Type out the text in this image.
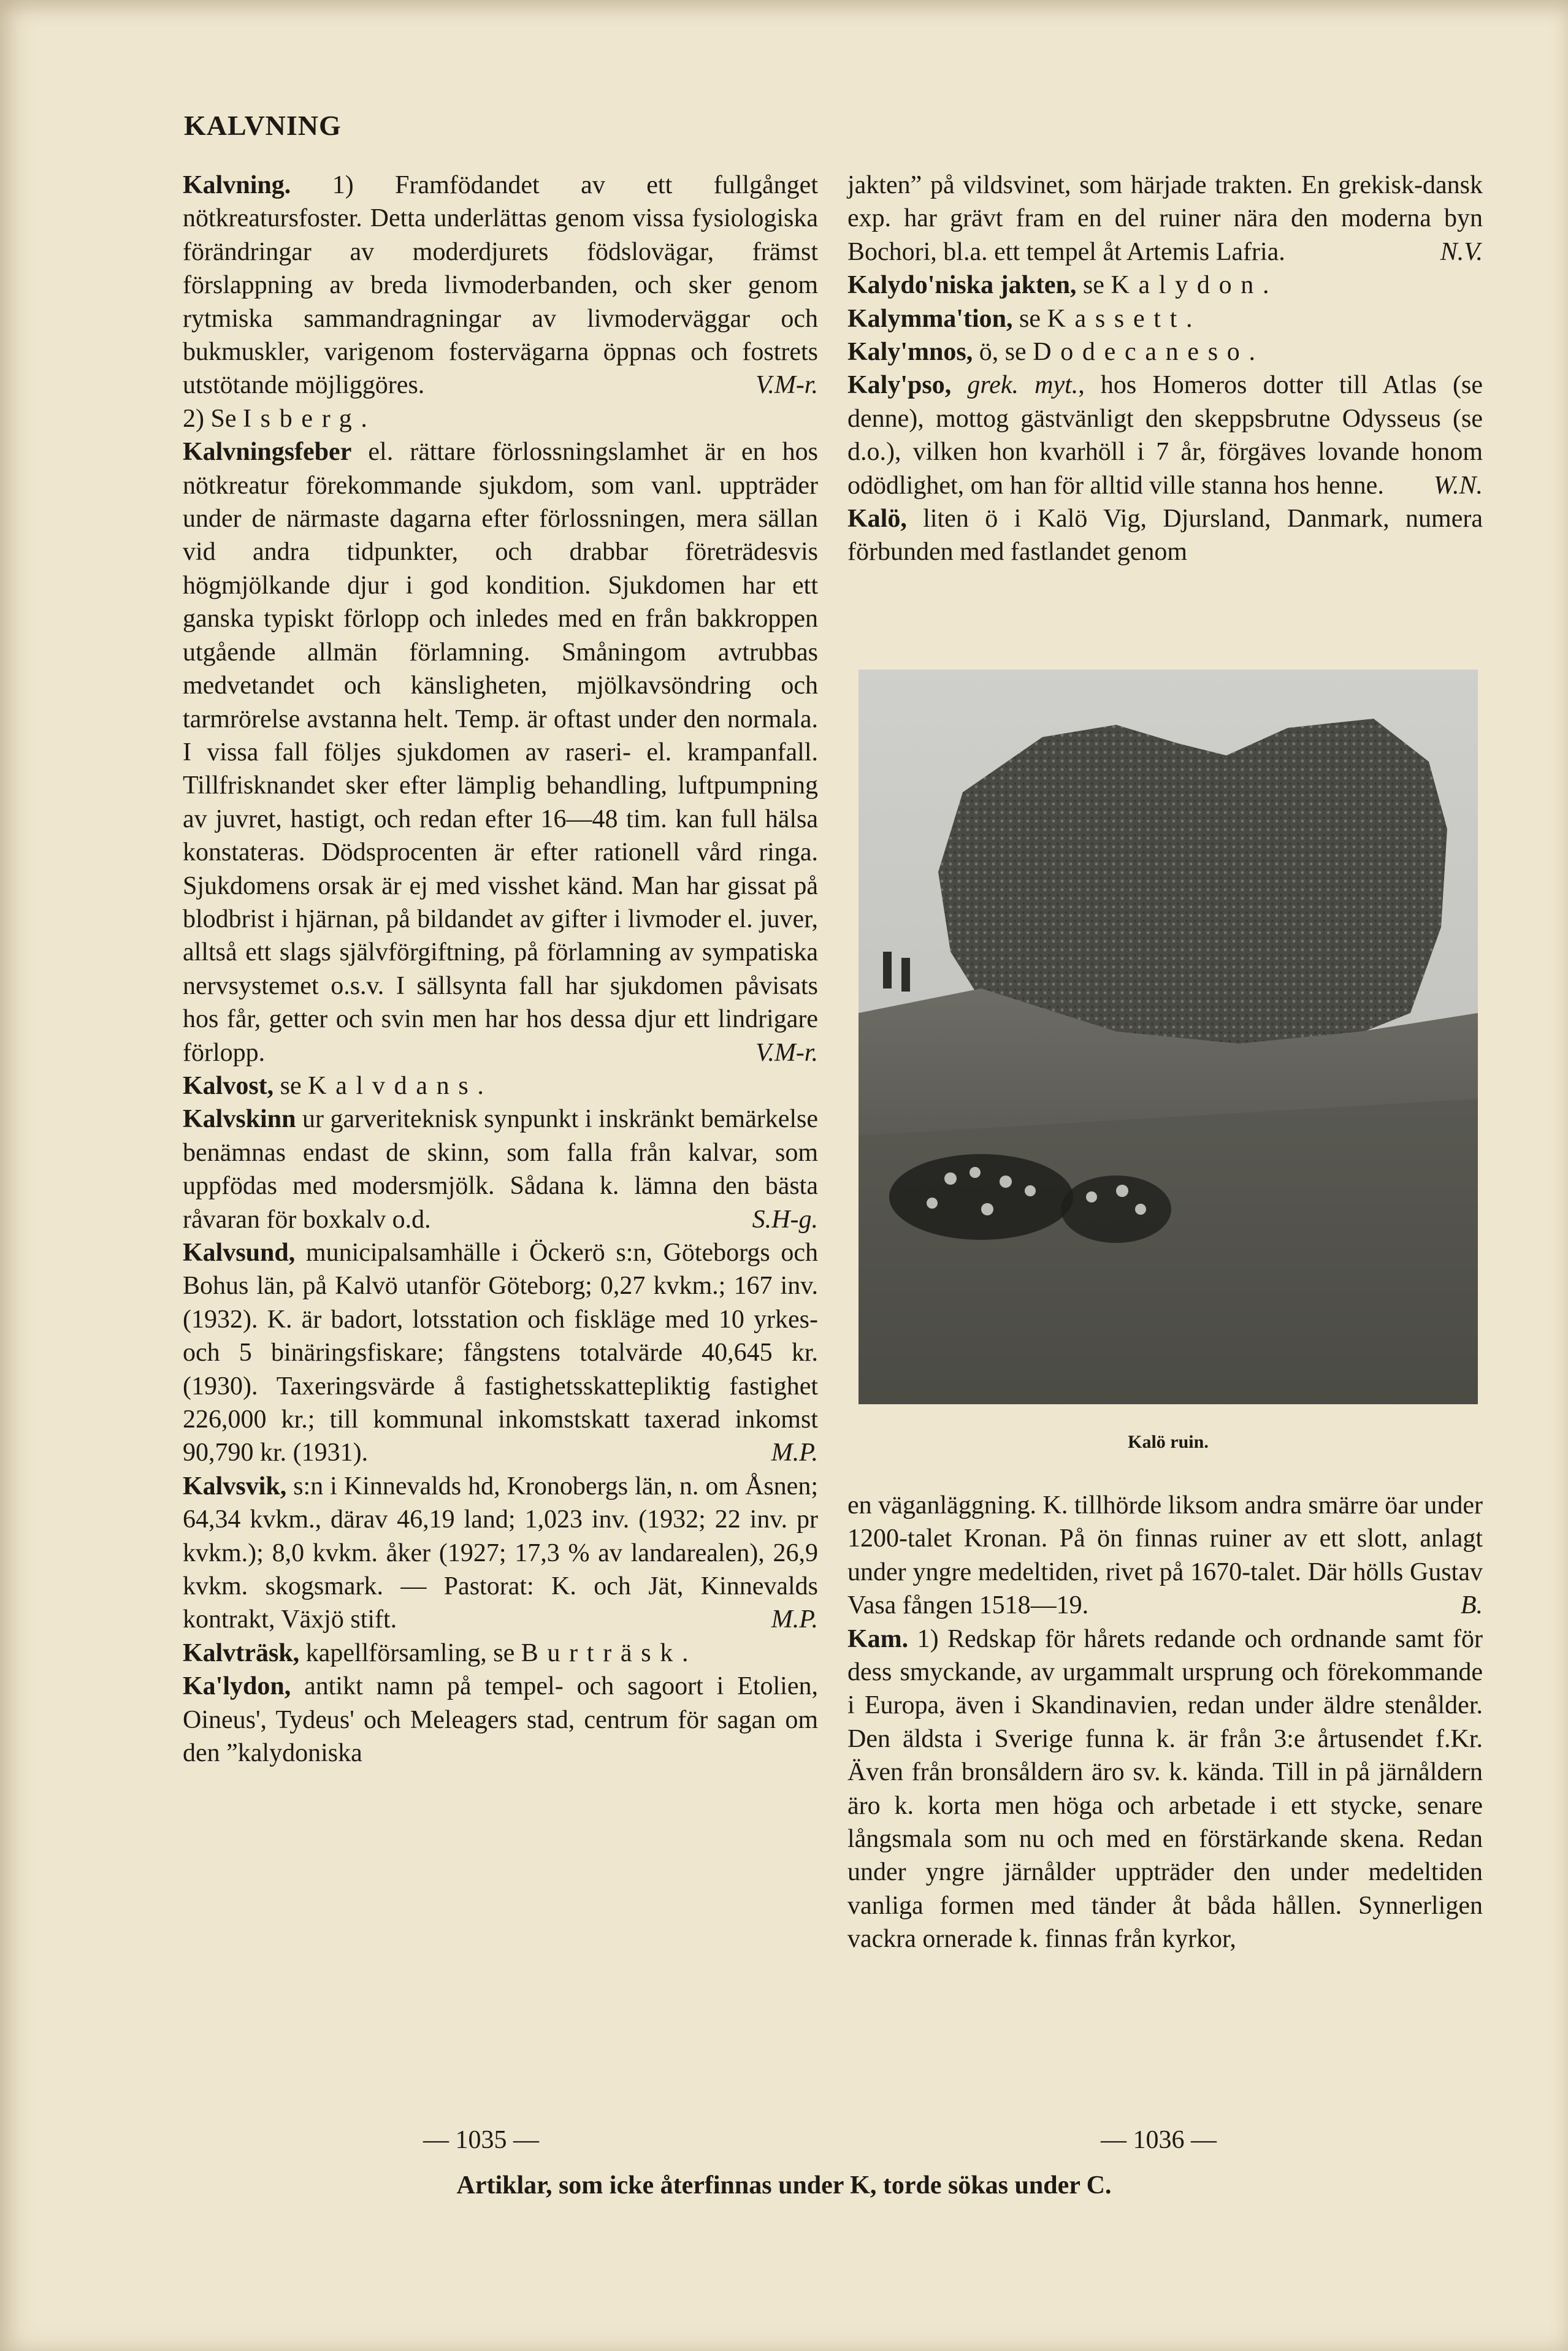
KALVNING

Kalvning. 1) Framfödandet av ett fullgånget nötkreatursfoster. Detta underlättas genom vissa fysiologiska förändringar av moderdjurets födslovägar, främst förslappning av breda livmoderbanden, och sker genom rytmiska sammandragningar av livmoderväggar och bukmuskler, varigenom fostervägarna öppnas och fostrets utstötande möjliggöres.	V.M-r.

2) Se Isberg.

Kalvningsfeber el. rättare förlossningslamhet är en hos nötkreatur förekommande sjukdom, som vanl. uppträder under de närmaste dagarna efter förlossningen, mera sällan vid andra tidpunkter, och drabbar företrädesvis högmjölkande djur i god kondition. Sjukdomen har ett ganska typiskt förlopp och inledes med en från bakkroppen utgående allmän förlamning. Småningom avtrubbas medvetandet och känsligheten, mjölkavsöndring och tarmrörelse avstanna helt. Temp. är oftast under den normala. I vissa fall följes sjukdomen av raseri- el. krampanfall. Tillfrisknandet sker efter lämplig behandling, luftpumpning av juvret, hastigt, och redan efter 16—48 tim. kan full hälsa konstateras. Dödsprocenten är efter rationell vård ringa. Sjukdomens orsak är ej med visshet känd. Man har gissat på blodbrist i hjärnan, på bildandet av gifter i livmoder el. juver, alltså ett slags självförgiftning, på förlamning av sympatiska nervsystemet o.s.v. I sällsynta fall har sjukdomen påvisats hos får, getter och svin men har hos dessa djur ett lindrigare förlopp.	V.M-r.

Kalvost, se Kalvdans.

Kalvskinn ur garveriteknisk synpunkt i inskränkt bemärkelse benämnas endast de skinn, som falla från kalvar, som uppfödas med modersmjölk. Sådana k. lämna den bästa råvaran för boxkalv o.d.	S.H-g.

Kalvsund, municipalsamhälle i Öckerö s:n, Göteborgs och Bohus län, på Kalvö utanför Göteborg; 0,27 kvkm.; 167 inv. (1932). K. är badort, lotsstation och fiskläge med 10 yrkes- och 5 binäringsfiskare; fångstens totalvärde 40,645 kr. (1930). Taxeringsvärde å fastighetsskattepliktig fastighet 226,000 kr.; till kommunal inkomstskatt taxerad inkomst 90,790 kr. (1931).	M.P.

Kalvsvik, s:n i Kinnevalds hd, Kronobergs län, n. om Åsnen; 64,34 kvkm., därav 46,19 land; 1,023 inv. (1932; 22 inv. pr kvkm.); 8,0 kvkm. åker (1927; 17,3 % av landarealen), 26,9 kvkm. skogsmark. — Pastorat: K. och Jät, Kinnevalds kontrakt, Växjö stift.	M.P.

Kalvträsk, kapellförsamling, se Burträsk.

Ka'lydon, antikt namn på tempel- och sagoort i Etolien, Oineus', Tydeus' och Meleagers stad, centrum för sagan om den ”kalydoniska

jakten” på vildsvinet, som härjade trakten. En grekisk-dansk exp. har grävt fram en del ruiner nära den moderna byn Bochori, bl.a. ett tempel åt Artemis Lafria.	N.V.

Kalydo'niska jakten, se Kalydon.

Kalymma'tion, se Kassett.

Kaly'mnos, ö, se Dodecaneso.

Kaly'pso, grek. myt., hos Homeros dotter till Atlas (se denne), mottog gästvänligt den skeppsbrutne Odysseus (se d.o.), vilken hon kvarhöll i 7 år, förgäves lovande honom odödlighet, om han för alltid ville stanna hos henne.	W.N.

Kalö, liten ö i Kalö Vig, Djursland, Danmark, numera förbunden med fastlandet genom

Kalö ruin.

en väganläggning. K. tillhörde liksom andra smärre öar under 1200-talet Kronan. På ön finnas ruiner av ett slott, anlagt under yngre medeltiden, rivet på 1670-talet. Där hölls Gustav Vasa fången 1518—19.	B.

Kam. 1) Redskap för hårets redande och ordnande samt för dess smyckande, av urgammalt ursprung och förekommande i Europa, även i Skandinavien, redan under äldre stenålder. Den äldsta i Sverige funna k. är från 3:e årtusendet f.Kr. Även från bronsåldern äro sv. k. kända. Till in på järnåldern äro k. korta men höga och arbetade i ett stycke, senare långsmala som nu och med en förstärkande skena. Redan under yngre järnålder uppträder den under medeltiden vanliga formen med tänder åt båda hållen. Synnerligen vackra ornerade k. finnas från kyrkor,

— 1035 —	— 1036 —
Artiklar, som icke återfinnas under K, torde sökas under C.
